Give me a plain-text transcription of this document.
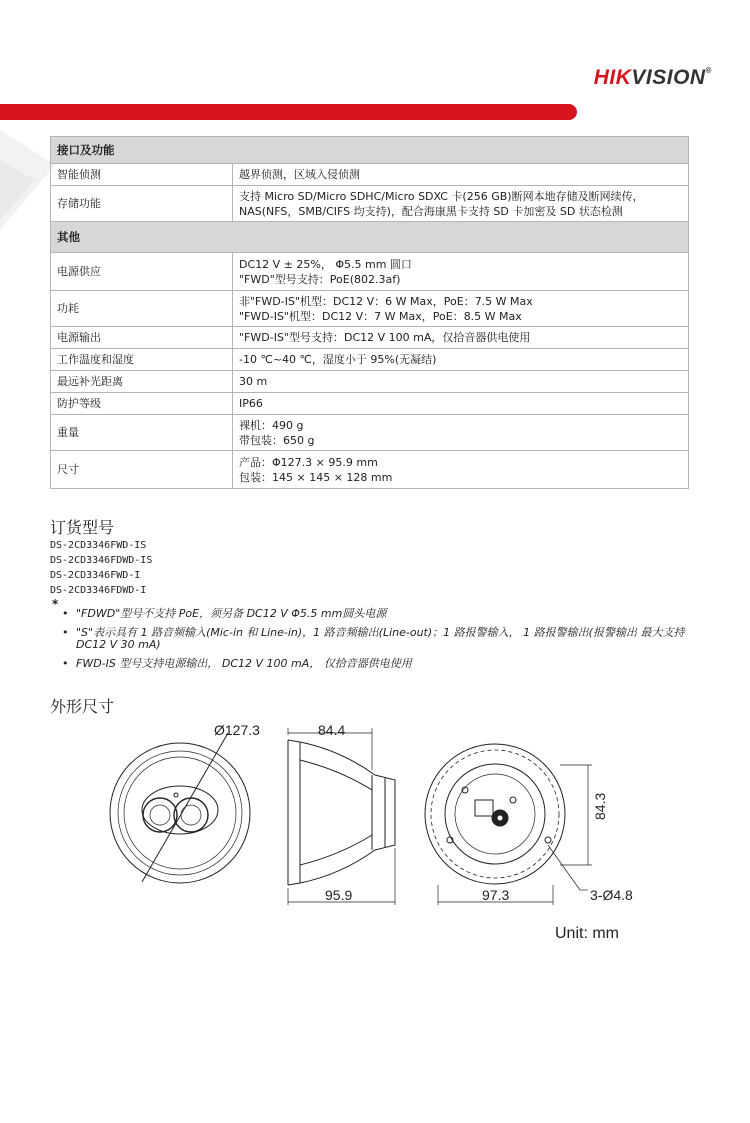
HIKVISION®
接口及功能	
智能侦测	越界侦测，区域入侵侦测
存储功能	支持 Micro SD/Micro SDHC/Micro SDXC 卡(256 GB)断网本地存储及断网续传，
NAS(NFS，SMB/CIFS 均支持)，配合海康黑卡支持 SD 卡加密及 SD 状态检测

其他	
电源供应	DC12 V ± 25%， Φ5.5 mm 圆口
"FWD"型号支持：PoE(802.3af)

功耗	非"FWD-IS"机型：DC12 V：6 W Max，PoE：7.5 W Max
"FWD-IS"机型：DC12 V：7 W Max，PoE：8.5 W Max

电源输出	"FWD-IS"型号支持：DC12 V 100 mA，仅拾音器供电使用
工作温度和湿度	-10 ℃~40 ℃，湿度小于 95%(无凝结)
最远补光距离	30 m
防护等级	IP66
重量	裸机：490 g
带包装：650 g

尺寸	产品：Φ127.3 × 95.9 mm
包装：145 × 145 × 128 mm
订货型号
DS-2CD3346FWD-IS
DS-2CD3346FDWD-IS
DS-2CD3346FWD-I
DS-2CD3346FDWD-I
*
• "FDWD"型号不支持 PoE，须另备 DC12 V Φ5.5 mm圆头电源
• "S"表示具有 1 路音频输入(Mic-in 和 Line-in)，1 路音频输出(Line-out)；1 路报警输入， 1 路报警输出(报警输出 最大支持 DC12 V 30 mA)
• FWD-IS 型号支持电源输出， DC12 V 100 mA， 仅拾音器供电使用
外形尺寸
Ø127.3	84.4
95.9	97.3
84.3
3-Ø4.8
Unit: mm
